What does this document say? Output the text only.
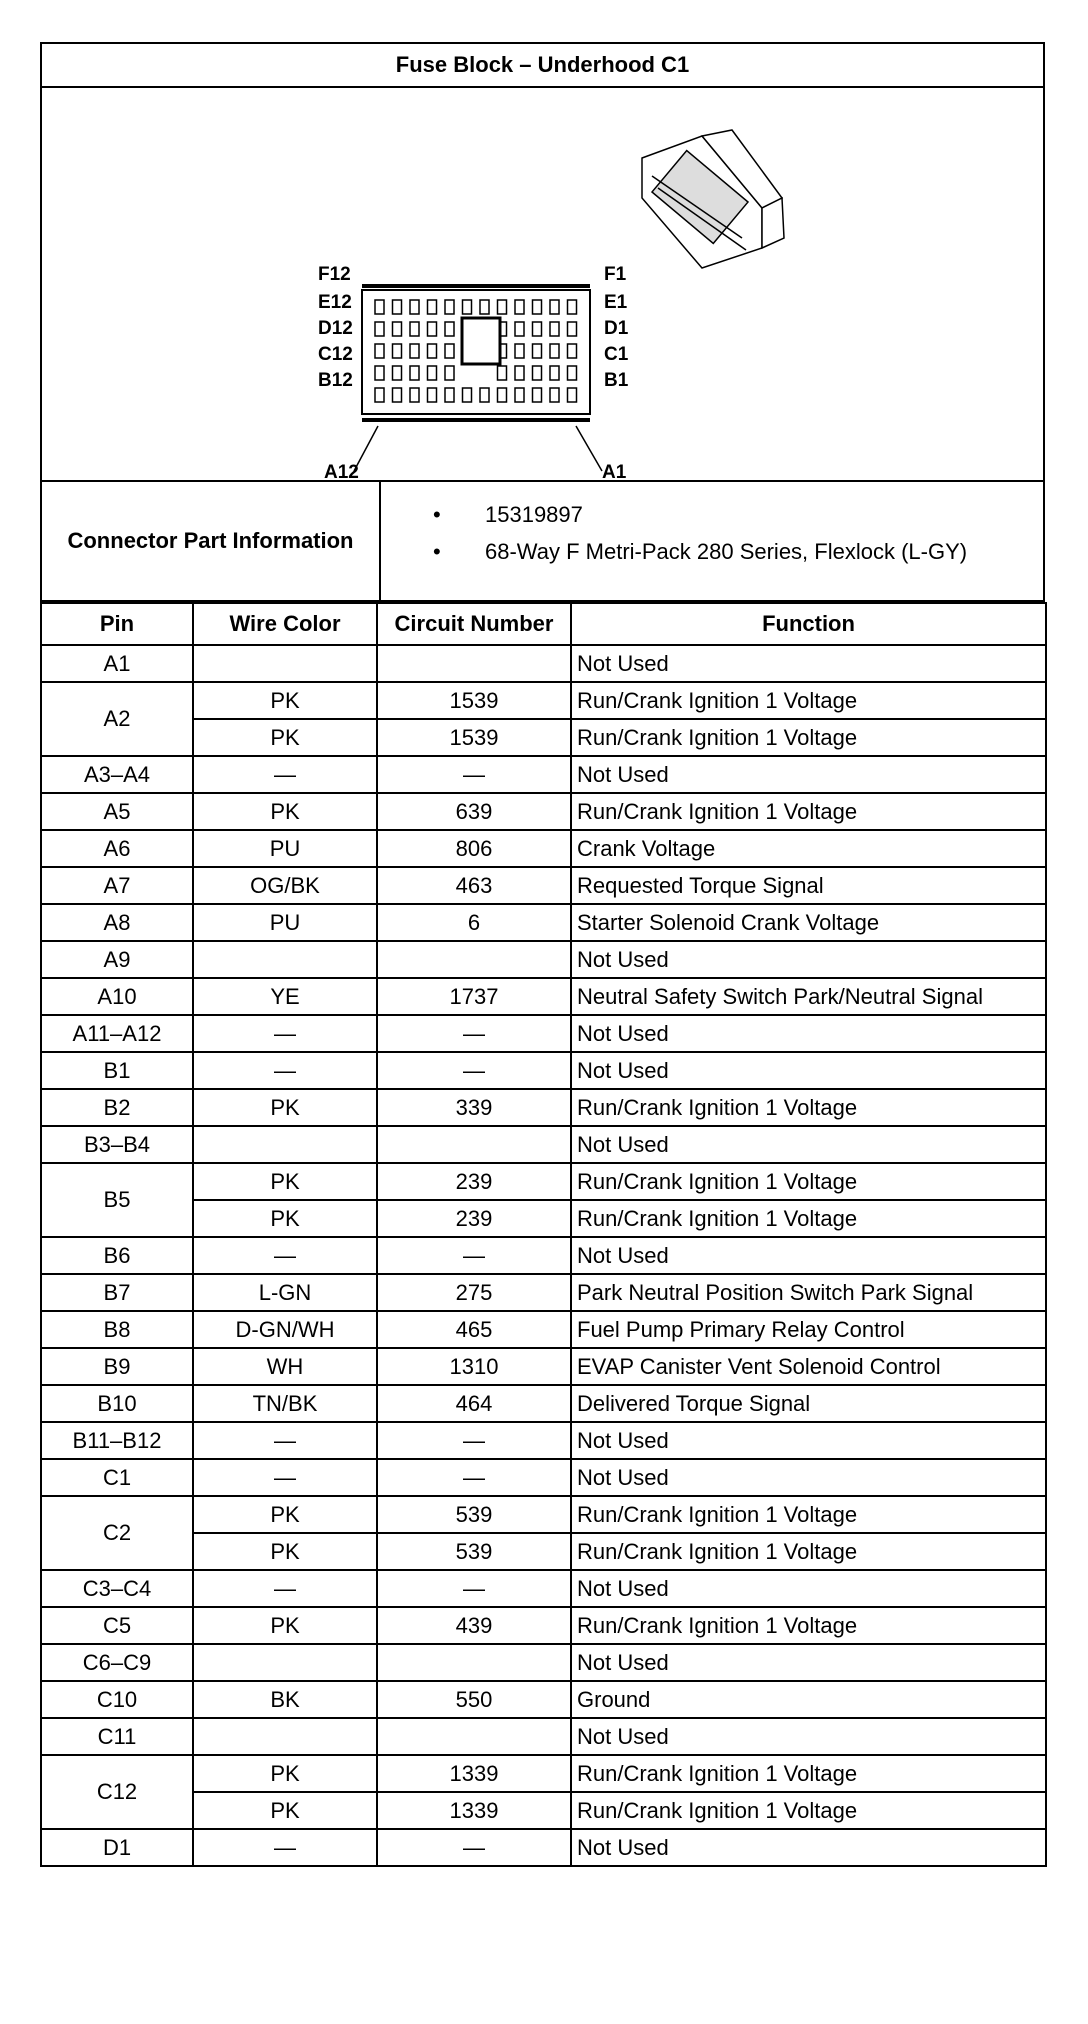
Fuse Block – Underhood C1
F12
E12
D12
C12
B12
F1
E1
D1
C1
B1
A12	A1
Connector Part Information
• 15319897
• 68-Way F Metri-Pack 280 Series, Flexlock (L-GY)
Pin	Wire Color	Circuit Number	Function
A1			Not Used
A2	PK	1539	Run/Crank Ignition 1 Voltage
	PK	1539	Run/Crank Ignition 1 Voltage
A3–A4	—	—	Not Used
A5	PK	639	Run/Crank Ignition 1 Voltage
A6	PU	806	Crank Voltage
A7	OG/BK	463	Requested Torque Signal
A8	PU	6	Starter Solenoid Crank Voltage
A9			Not Used
A10	YE	1737	Neutral Safety Switch Park/Neutral Signal
A11–A12	—	—	Not Used
B1	—	—	Not Used
B2	PK	339	Run/Crank Ignition 1 Voltage
B3–B4			Not Used
B5	PK	239	Run/Crank Ignition 1 Voltage
	PK	239	Run/Crank Ignition 1 Voltage
B6	—	—	Not Used
B7	L-GN	275	Park Neutral Position Switch Park Signal
B8	D-GN/WH	465	Fuel Pump Primary Relay Control
B9	WH	1310	EVAP Canister Vent Solenoid Control
B10	TN/BK	464	Delivered Torque Signal
B11–B12	—	—	Not Used
C1	—	—	Not Used
C2	PK	539	Run/Crank Ignition 1 Voltage
	PK	539	Run/Crank Ignition 1 Voltage
C3–C4	—	—	Not Used
C5	PK	439	Run/Crank Ignition 1 Voltage
C6–C9			Not Used
C10	BK	550	Ground
C11			Not Used
C12	PK	1339	Run/Crank Ignition 1 Voltage
	PK	1339	Run/Crank Ignition 1 Voltage
D1	—	—	Not Used
